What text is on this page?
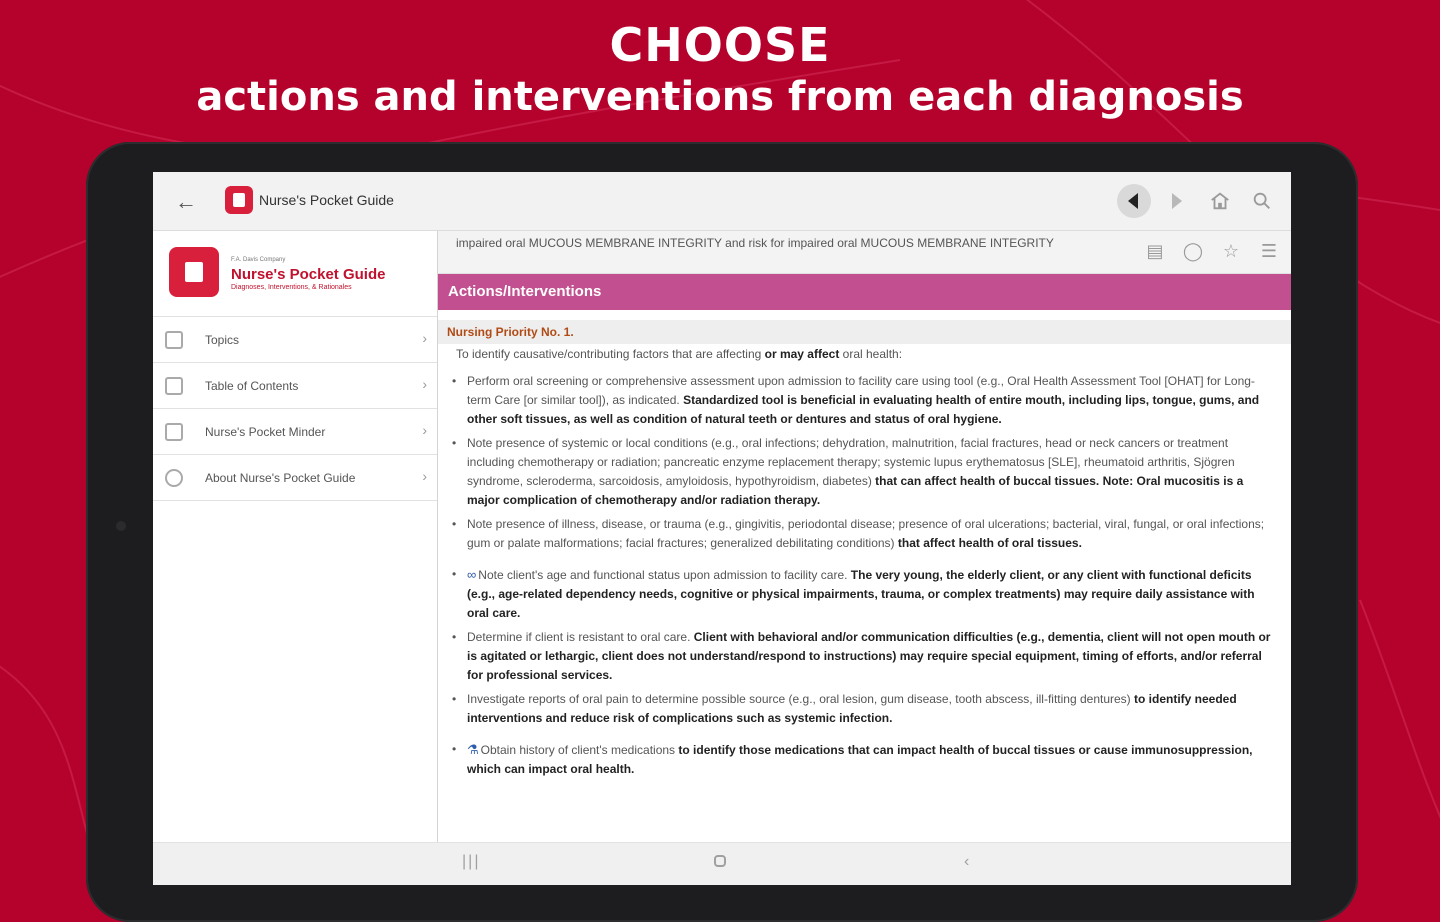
CHOOSE
actions and interventions from each diagnosis
←	Nurse's Pocket Guide
F.A. Davis Company
Nurse's Pocket Guide
Diagnoses, Interventions, & Rationales
Topics	›
Table of Contents	›
Nurse's Pocket Minder	›
About Nurse's Pocket Guide	›
impaired oral MUCOUS MEMBRANE INTEGRITY and risk for impaired oral MUCOUS MEMBRANE INTEGRITY	▤ ◯ ☆ ☰
Actions/Interventions
Nursing Priority No. 1.
To identify causative/contributing factors that are affecting or may affect oral health:
• Perform oral screening or comprehensive assessment upon admission to facility care using tool (e.g., Oral Health Assessment Tool [OHAT] for Long-term Care [or similar tool]), as indicated. Standardized tool is beneficial in evaluating health of entire mouth, including lips, tongue, gums, and other soft tissues, as well as condition of natural teeth or dentures and status of oral hygiene.
• Note presence of systemic or local conditions (e.g., oral infections; dehydration, malnutrition, facial fractures, head or neck cancers or treatment including chemotherapy or radiation; pancreatic enzyme replacement therapy; systemic lupus erythematosus [SLE], rheumatoid arthritis, Sjögren syndrome, scleroderma, sarcoidosis, amyloidosis, hypothyroidism, diabetes) that can affect health of buccal tissues. Note: Oral mucositis is a major complication of chemotherapy and/or radiation therapy.
• Note presence of illness, disease, or trauma (e.g., gingivitis, periodontal disease; presence of oral ulcerations; bacterial, viral, fungal, or oral infections; gum or palate malformations; facial fractures; generalized debilitating conditions) that affect health of oral tissues.
• ∞ Note client's age and functional status upon admission to facility care. The very young, the elderly client, or any client with functional deficits (e.g., age-related dependency needs, cognitive or physical impairments, trauma, or complex treatments) may require daily assistance with oral care.
• Determine if client is resistant to oral care. Client with behavioral and/or communication difficulties (e.g., dementia, client will not open mouth or is agitated or lethargic, client does not understand/respond to instructions) may require special equipment, timing of efforts, and/or referral for professional services.
• Investigate reports of oral pain to determine possible source (e.g., oral lesion, gum disease, tooth abscess, ill-fitting dentures) to identify needed interventions and reduce risk of complications such as systemic infection.
• ⚗ Obtain history of client's medications to identify those medications that can impact health of buccal tissues or cause immunosuppression, which can impact oral health.
|||	‹
